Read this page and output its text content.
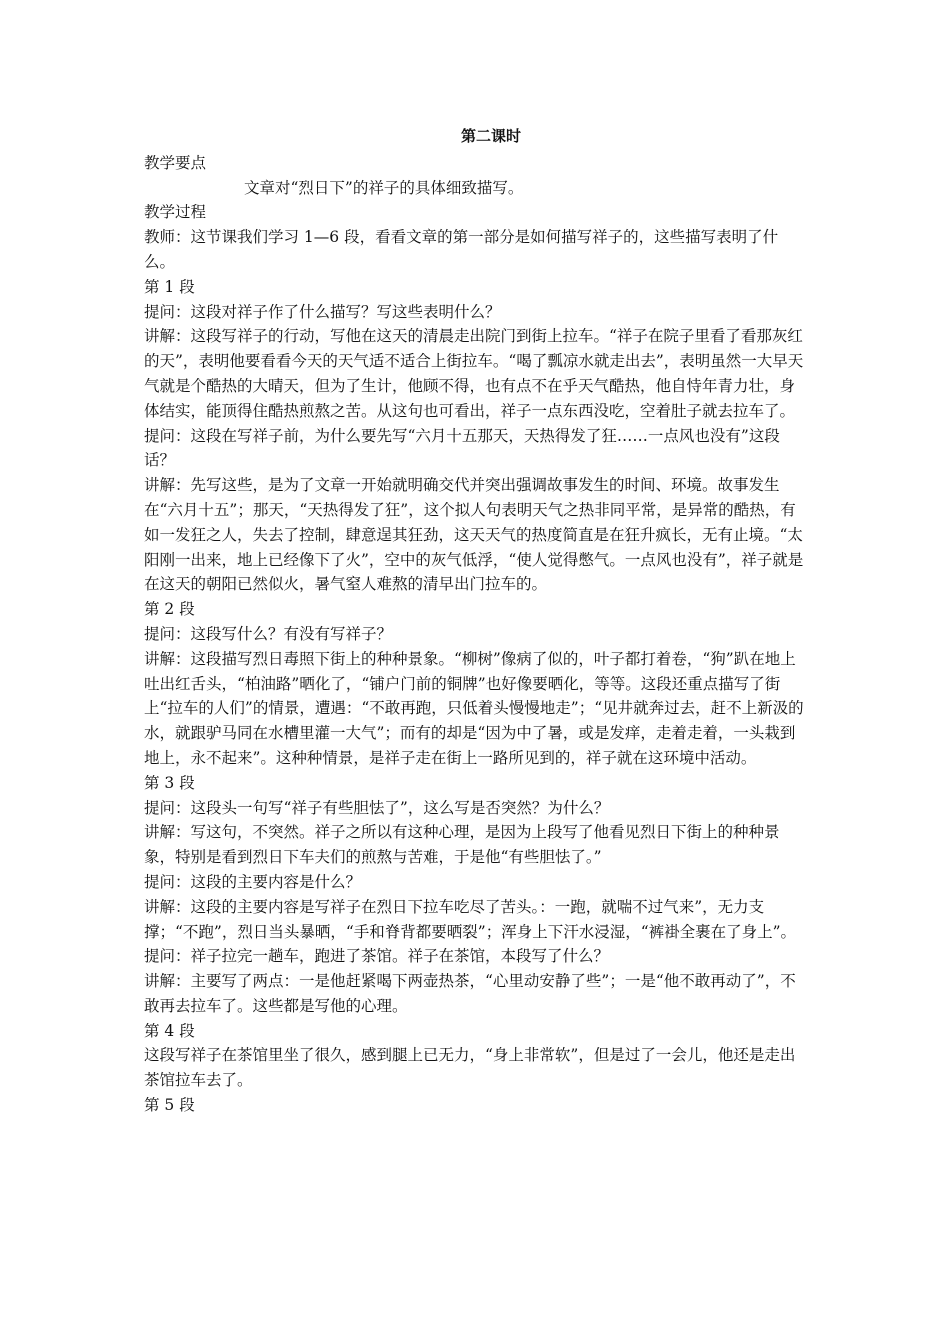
第二课时

教学要点

文章对“烈日下”的祥子的具体细致描写。

教学过程

教师：这节课我们学习 1—6 段，看看文章的第一部分是如何描写祥子的，这些描写表明了什么。

第 1 段

提问：这段对祥子作了什么描写？写这些表明什么？

讲解：这段写祥子的行动，写他在这天的清晨走出院门到街上拉车。“祥子在院子里看了看那灰红的天”，表明他要看看今天的天气适不适合上街拉车。“喝了瓢凉水就走出去”，表明虽然一大早天气就是个酷热的大晴天，但为了生计，他顾不得，也有点不在乎天气酷热，他自恃年青力壮，身体结实，能顶得住酷热煎熬之苦。从这句也可看出，祥子一点东西没吃，空着肚子就去拉车了。

提问：这段在写祥子前，为什么要先写“六月十五那天，天热得发了狂……一点风也没有”这段话？

讲解：先写这些，是为了文章一开始就明确交代并突出强调故事发生的时间、环境。故事发生在“六月十五”；那天，“天热得发了狂”，这个拟人句表明天气之热非同平常，是异常的酷热，有如一发狂之人，失去了控制，肆意逞其狂劲，这天天气的热度简直是在狂升疯长，无有止境。“太阳刚一出来，地上已经像下了火”，空中的灰气低浮，“使人觉得憋气。一点风也没有”，祥子就是在这天的朝阳已然似火，暑气窒人难熬的清早出门拉车的。

第 2 段

提问：这段写什么？有没有写祥子？

讲解：这段描写烈日毒照下街上的种种景象。“柳树”像病了似的，叶子都打着卷，“狗”趴在地上吐出红舌头，“柏油路”晒化了，“铺户门前的铜牌”也好像要晒化，等等。这段还重点描写了街上“拉车的人们”的情景，遭遇：“不敢再跑，只低着头慢慢地走”；“见井就奔过去，赶不上新汲的水，就跟驴马同在水槽里灌一大气”；而有的却是“因为中了暑，或是发痒，走着走着，一头栽到地上，永不起来”。这种种情景，是祥子走在街上一路所见到的，祥子就在这环境中活动。

第 3 段

提问：这段头一句写“祥子有些胆怯了”，这么写是否突然？为什么？

讲解：写这句，不突然。祥子之所以有这种心理，是因为上段写了他看见烈日下街上的种种景象，特别是看到烈日下车夫们的煎熬与苦难，于是他“有些胆怯了。”

提问：这段的主要内容是什么？

讲解：这段的主要内容是写祥子在烈日下拉车吃尽了苦头。：一跑，就喘不过气来”，无力支撑；“不跑”，烈日当头暴晒，“手和脊背都要晒裂”；浑身上下汗水浸湿，“裤褂全裹在了身上”。

提问：祥子拉完一趟车，跑进了茶馆。祥子在茶馆，本段写了什么？

讲解：主要写了两点：一是他赶紧喝下两壶热茶，“心里动安静了些”；一是“他不敢再动了”，不敢再去拉车了。这些都是写他的心理。

第 4 段

这段写祥子在茶馆里坐了很久，感到腿上已无力，“身上非常软”，但是过了一会儿，他还是走出茶馆拉车去了。

第 5 段
